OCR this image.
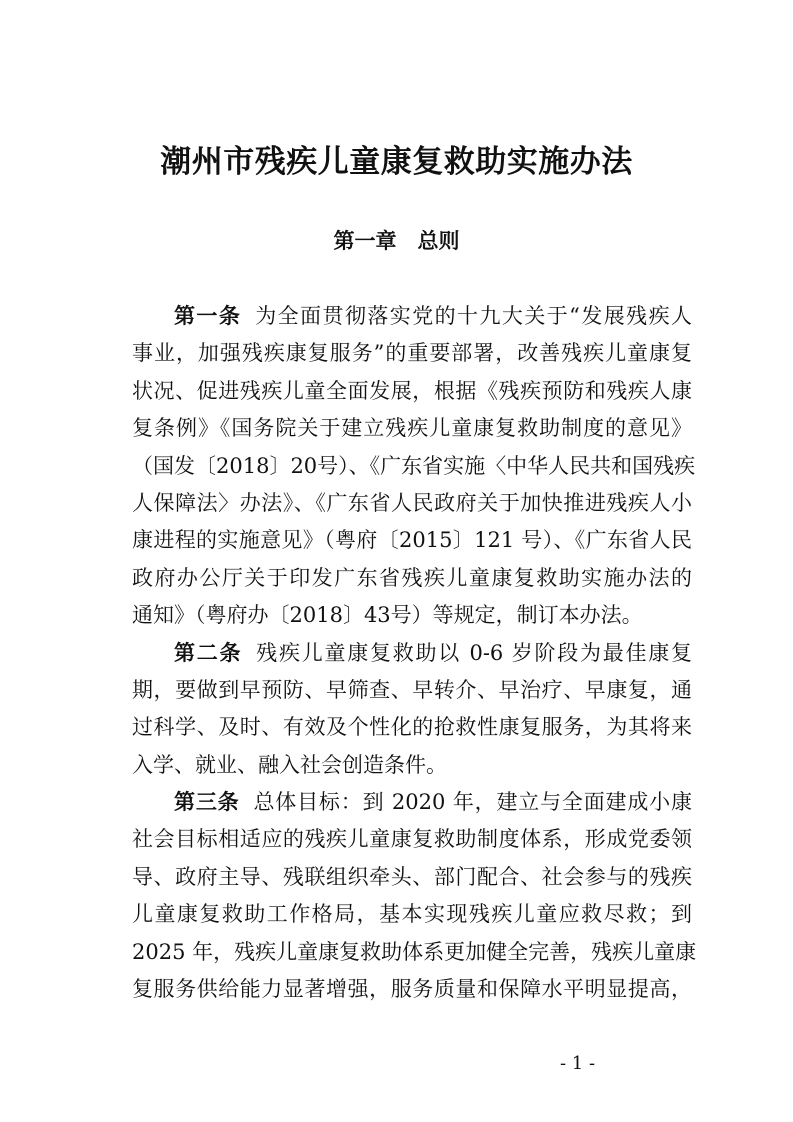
潮州市残疾儿童康复救助实施办法
第一章　总则
第一条 为全面贯彻落实党的十九大关于“发展残疾人
事业，加强残疾康复服务”的重要部署，改善残疾儿童康复
状况、促进残疾儿童全面发展，根据《残疾预防和残疾人康
复条例》《国务院关于建立残疾儿童康复救助制度的意见》
（国发〔2018〕20号）、《广东省实施〈中华人民共和国残疾
人保障法〉办法》、《广东省人民政府关于加快推进残疾人小
康进程的实施意见》（粤府〔2015〕121 号）、《广东省人民
政府办公厅关于印发广东省残疾儿童康复救助实施办法的
通知》（粤府办〔2018〕43号）等规定，制订本办法。
第二条 残疾儿童康复救助以 0-6 岁阶段为最佳康复
期，要做到早预防、早筛查、早转介、早治疗、早康复，通
过科学、及时、有效及个性化的抢救性康复服务，为其将来
入学、就业、融入社会创造条件。
第三条 总体目标：到 2020 年，建立与全面建成小康
社会目标相适应的残疾儿童康复救助制度体系，形成党委领
导、政府主导、残联组织牵头、部门配合、社会参与的残疾
儿童康复救助工作格局，基本实现残疾儿童应救尽救；到
2025 年，残疾儿童康复救助体系更加健全完善，残疾儿童康
复服务供给能力显著增强，服务质量和保障水平明显提高，
- 1 -
